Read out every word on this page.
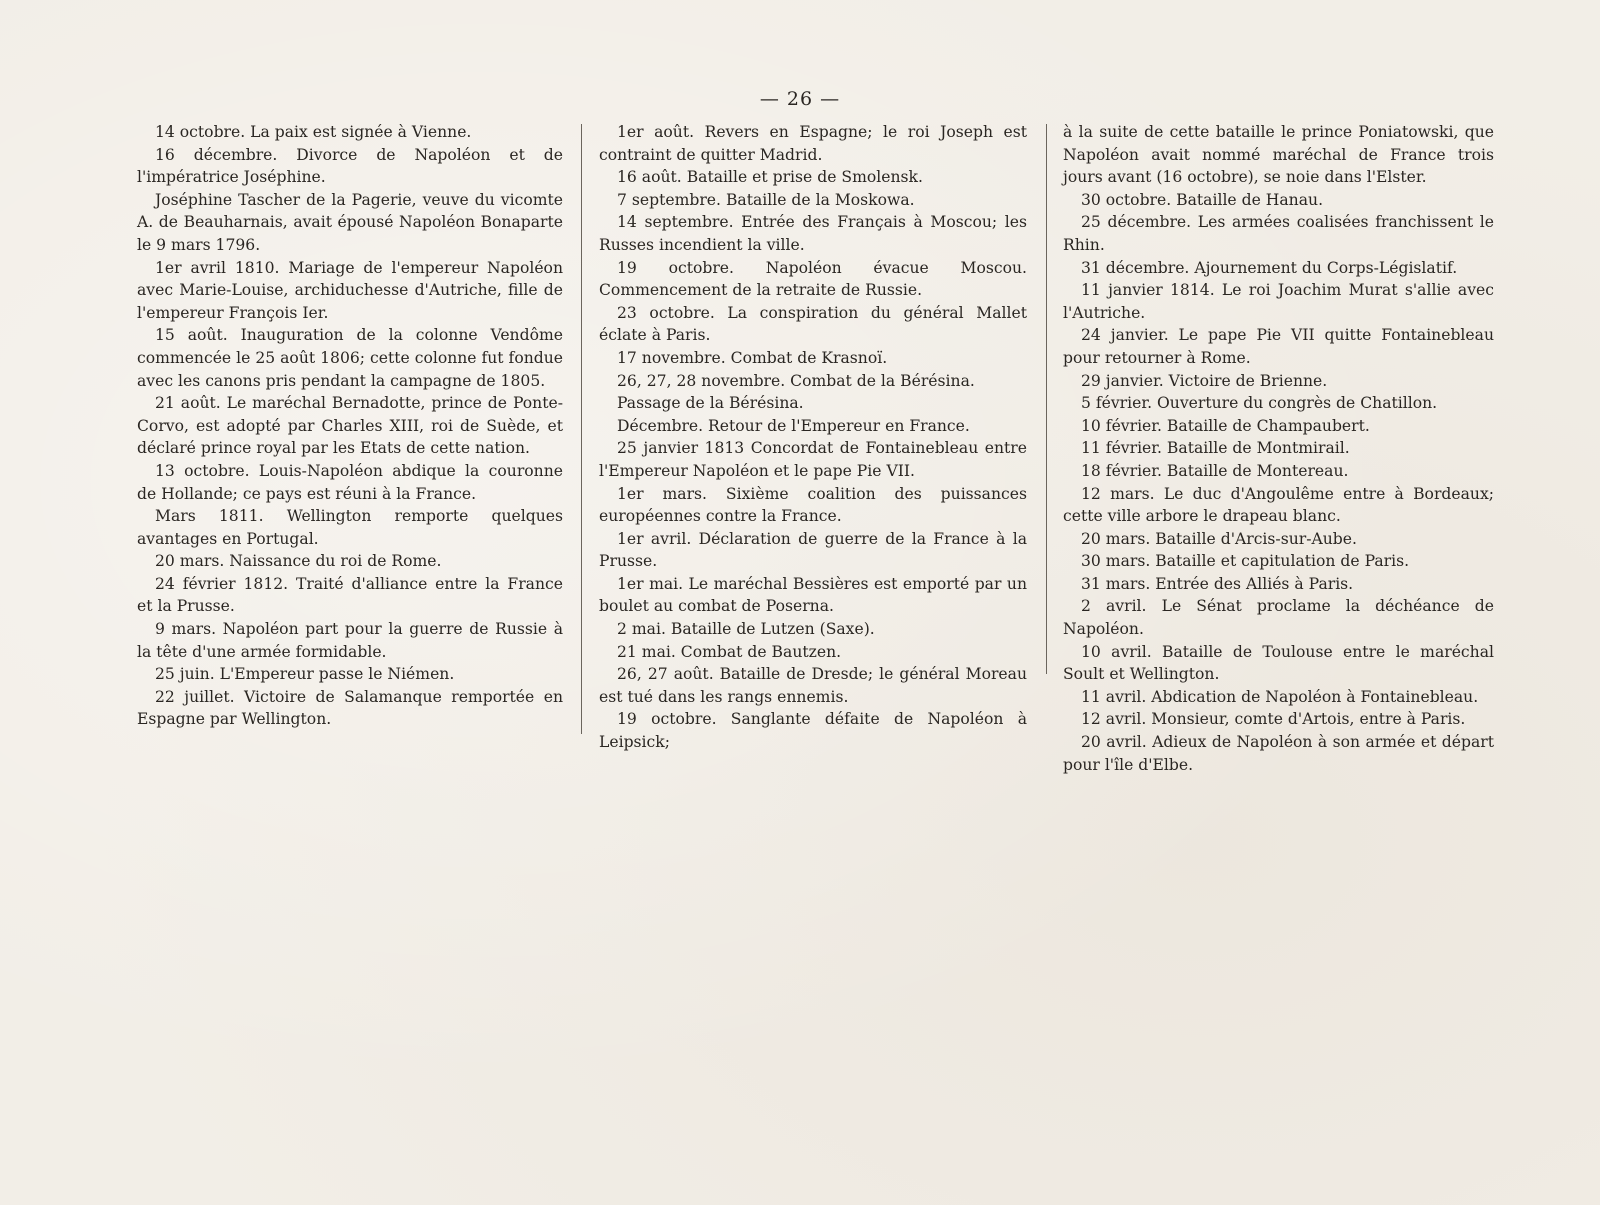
— 26 —
14 octobre. La paix est signée à Vienne.
16 décembre. Divorce de Napoléon et de l'impératrice Joséphine.
Joséphine Tascher de la Pagerie, veuve du vicomte A. de Beauharnais, avait épousé Napoléon Bonaparte le 9 mars 1796.
1er avril 1810. Mariage de l'empereur Napoléon avec Marie-Louise, archiduchesse d'Autriche, fille de l'empereur François Ier.
15 août. Inauguration de la colonne Vendôme commencée le 25 août 1806; cette colonne fut fondue avec les canons pris pendant la campagne de 1805.
21 août. Le maréchal Bernadotte, prince de Ponte-Corvo, est adopté par Charles XIII, roi de Suède, et déclaré prince royal par les Etats de cette nation.
13 octobre. Louis-Napoléon abdique la couronne de Hollande; ce pays est réuni à la France.
Mars 1811. Wellington remporte quelques avantages en Portugal.
20 mars. Naissance du roi de Rome.
24 février 1812. Traité d'alliance entre la France et la Prusse.
9 mars. Napoléon part pour la guerre de Russie à la tête d'une armée formidable.
25 juin. L'Empereur passe le Niémen.
22 juillet. Victoire de Salamanque remportée en Espagne par Wellington.
1er août. Revers en Espagne; le roi Joseph est contraint de quitter Madrid.
16 août. Bataille et prise de Smolensk.
7 septembre. Bataille de la Moskowa.
14 septembre. Entrée des Français à Moscou; les Russes incendient la ville.
19 octobre. Napoléon évacue Moscou. Commencement de la retraite de Russie.
23 octobre. La conspiration du général Mallet éclate à Paris.
17 novembre. Combat de Krasnoï.
26, 27, 28 novembre. Combat de la Bérésina.
Passage de la Bérésina.
Décembre. Retour de l'Empereur en France.
25 janvier 1813 Concordat de Fontainebleau entre l'Empereur Napoléon et le pape Pie VII.
1er mars. Sixième coalition des puissances européennes contre la France.
1er avril. Déclaration de guerre de la France à la Prusse.
1er mai. Le maréchal Bessières est emporté par un boulet au combat de Poserna.
2 mai. Bataille de Lutzen (Saxe).
21 mai. Combat de Bautzen.
26, 27 août. Bataille de Dresde; le général Moreau est tué dans les rangs ennemis.
19 octobre. Sanglante défaite de Napoléon à Leipsick;
à la suite de cette bataille le prince Poniatowski, que Napoléon avait nommé maréchal de France trois jours avant (16 octobre), se noie dans l'Elster.
30 octobre. Bataille de Hanau.
25 décembre. Les armées coalisées franchissent le Rhin.
31 décembre. Ajournement du Corps-Législatif.
11 janvier 1814. Le roi Joachim Murat s'allie avec l'Autriche.
24 janvier. Le pape Pie VII quitte Fontainebleau pour retourner à Rome.
29 janvier. Victoire de Brienne.
5 février. Ouverture du congrès de Chatillon.
10 février. Bataille de Champaubert.
11 février. Bataille de Montmirail.
18 février. Bataille de Montereau.
12 mars. Le duc d'Angoulême entre à Bordeaux; cette ville arbore le drapeau blanc.
20 mars. Bataille d'Arcis-sur-Aube.
30 mars. Bataille et capitulation de Paris.
31 mars. Entrée des Alliés à Paris.
2 avril. Le Sénat proclame la déchéance de Napoléon.
10 avril. Bataille de Toulouse entre le maréchal Soult et Wellington.
11 avril. Abdication de Napoléon à Fontainebleau.
12 avril. Monsieur, comte d'Artois, entre à Paris.
20 avril. Adieux de Napoléon à son armée et départ pour l'île d'Elbe.
